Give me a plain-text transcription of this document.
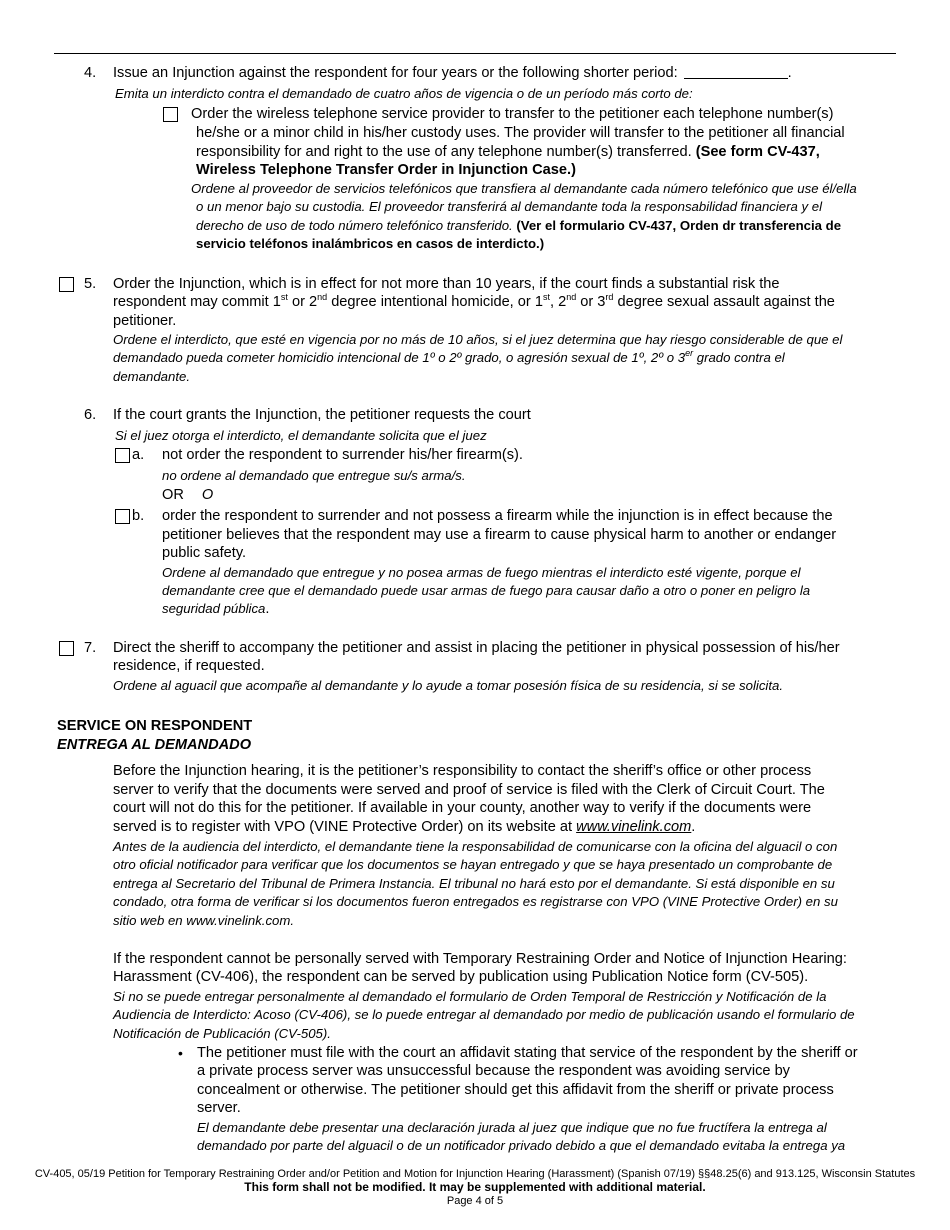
4. Issue an Injunction against the respondent for four years or the following shorter period:	.
Emita un interdicto contra el demandado de cuatro años de vigencia o de un período más corto de:
Order the wireless telephone service provider to transfer to the petitioner each telephone number(s)
he/she or a minor child in his/her custody uses. The provider will transfer to the petitioner all financial
responsibility for and right to the use of any telephone number(s) transferred. (See form CV-437,
Wireless Telephone Transfer Order in Injunction Case.)
Ordene al proveedor de servicios telefónicos que transfiera al demandante cada número telefónico que use él/ella
o un menor bajo su custodia. El proveedor transferirá al demandante toda la responsabilidad financiera y el
derecho de uso de todo número telefónico transferido. (Ver el formulario CV-437, Orden dr transferencia de
servicio teléfonos inalámbricos en casos de interdicto.)
5. Order the Injunction, which is in effect for not more than 10 years, if the court finds a substantial risk the
respondent may commit 1st or 2nd degree intentional homicide, or 1st, 2nd or 3rd degree sexual assault against the
petitioner.
Ordene el interdicto, que esté en vigencia por no más de 10 años, si el juez determina que hay riesgo considerable de que el
demandado pueda cometer homicidio intencional de 1º o 2º grado, o agresión sexual de 1º, 2º o 3er grado contra el
demandante.
6. If the court grants the Injunction, the petitioner requests the court
Si el juez otorga el interdicto, el demandante solicita que el juez
a. not order the respondent to surrender his/her firearm(s).
no ordene al demandado que entregue su/s arma/s.
OR O
b. order the respondent to surrender and not possess a firearm while the injunction is in effect because the
petitioner believes that the respondent may use a firearm to cause physical harm to another or endanger
public safety.
Ordene al demandado que entregue y no posea armas de fuego mientras el interdicto esté vigente, porque el
demandante cree que el demandado puede usar armas de fuego para causar daño a otro o poner en peligro la
seguridad pública.
7. Direct the sheriff to accompany the petitioner and assist in placing the petitioner in physical possession of his/her
residence, if requested.
Ordene al aguacil que acompañe al demandante y lo ayude a tomar posesión física de su residencia, si se solicita.
SERVICE ON RESPONDENT
ENTREGA AL DEMANDADO
Before the Injunction hearing, it is the petitioner’s responsibility to contact the sheriff’s office or other process
server to verify that the documents were served and proof of service is filed with the Clerk of Circuit Court. The
court will not do this for the petitioner. If available in your county, another way to verify if the documents were
served is to register with VPO (VINE Protective Order) on its website at www.vinelink.com.
Antes de la audiencia del interdicto, el demandante tiene la responsabilidad de comunicarse con la oficina del alguacil o con
otro oficial notificador para verificar que los documentos se hayan entregado y que se haya presentado un comprobante de
entrega al Secretario del Tribunal de Primera Instancia. El tribunal no hará esto por el demandante. Si está disponible en su
condado, otra forma de verificar si los documentos fueron entregados es registrarse con VPO (VINE Protective Order) en su
sitio web en www.vinelink.com.
If the respondent cannot be personally served with Temporary Restraining Order and Notice of Injunction Hearing:
Harassment (CV-406), the respondent can be served by publication using Publication Notice form (CV-505).
Si no se puede entregar personalmente al demandado el formulario de Orden Temporal de Restricción y Notificación de la
Audiencia de Interdicto: Acoso (CV-406), se lo puede entregar al demandado por medio de publicación usando el formulario de
Notificación de Publicación (CV-505).
• The petitioner must file with the court an affidavit stating that service of the respondent by the sheriff or
a private process server was unsuccessful because the respondent was avoiding service by
concealment or otherwise. The petitioner should get this affidavit from the sheriff or private process
server.
El demandante debe presentar una declaración jurada al juez que indique que no fue fructífera la entrega al
demandado por parte del alguacil o de un notificador privado debido a que el demandado evitaba la entrega ya
CV-405, 05/19 Petition for Temporary Restraining Order and/or Petition and Motion for Injunction Hearing (Harassment) (Spanish 07/19) §§48.25(6) and 913.125, Wisconsin Statutes
This form shall not be modified. It may be supplemented with additional material.
Page 4 of 5
